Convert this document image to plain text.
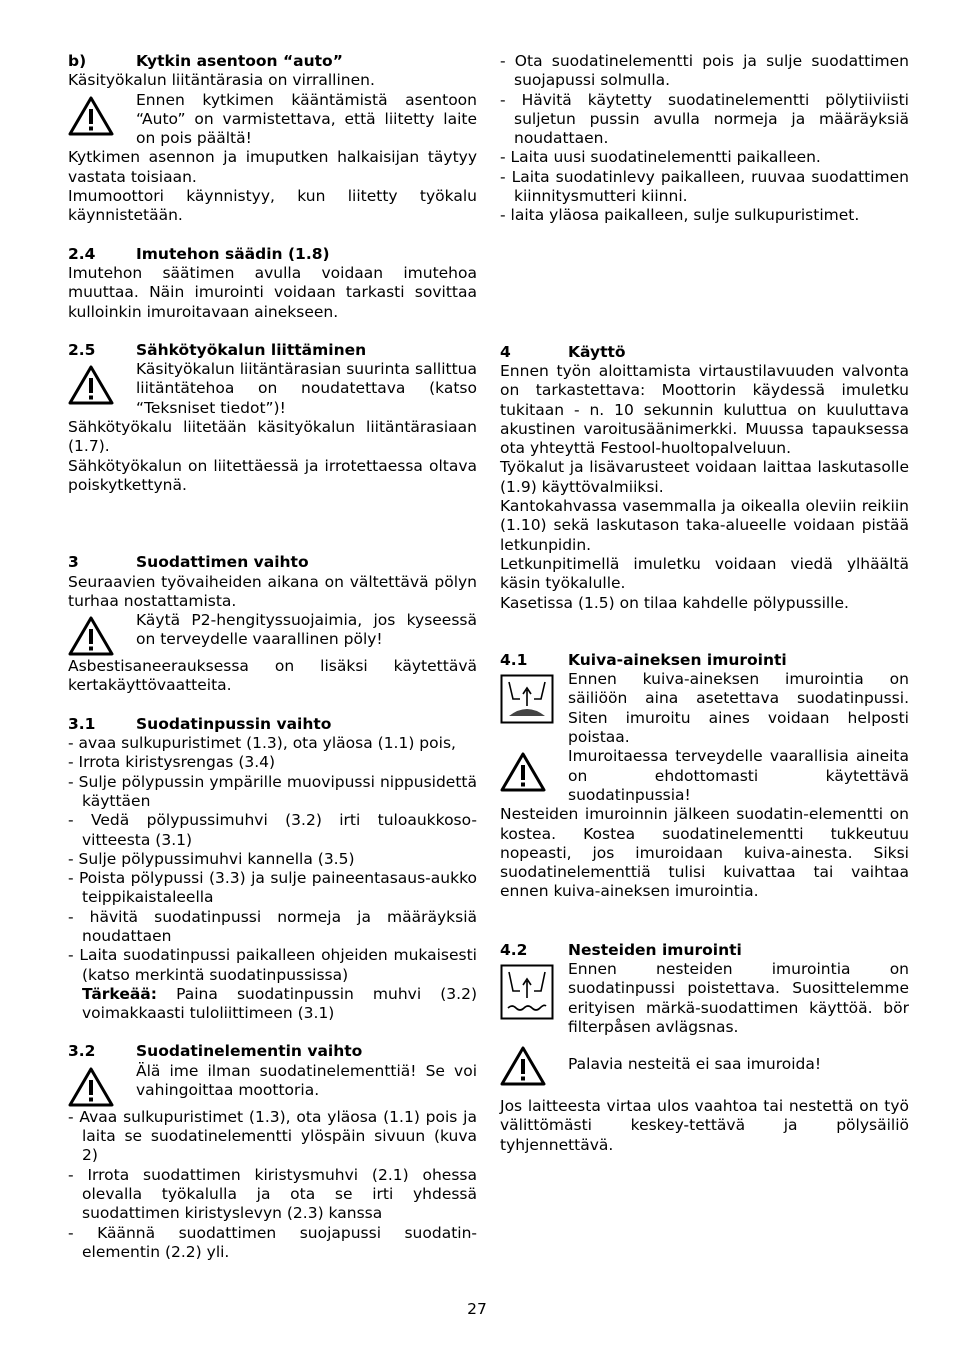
b)	Kytkin asentoon “auto”

Käsityökalun liitäntärasia on virrallinen.

Ennen kytkimen kääntämistä asentoon “Auto” on varmistettava, että liitetty laite on pois päältä!

Kytkimen asennon ja imuputken halkaisijan täytyy vastata toisiaan.

Imumoottori käynnistyy, kun liitetty työkalu käynnistetään.

2.4	Imutehon säädin (1.8)

Imutehon säätimen avulla voidaan imutehoa muuttaa. Näin imurointi voidaan tarkasti sovittaa kulloinkin imuroitavaan ainekseen.

2.5	Sähkötyökalun liittäminen
Käsityökalun liitäntärasian suurinta sallittua liitäntätehoa on noudatettava (katso “Teksniset tiedot”)!

Sähkötyökalu liitetään käsityökalun liitäntärasiaan (1.7).

Sähkötyökalun on liitettäessä ja irrotettaessa oltava poiskytkettynä.

3	Suodattimen vaihto

Seuraavien työvaiheiden aikana on vältettävä pölyn turhaa nostattamista.

Käytä P2-hengityssuojaimia, jos kyseessä on terveydelle vaarallinen pöly!

Asbestisaneerauksessa on lisäksi käytettävä kertakäyttövaatteita.

3.1	Suodatinpussin vaihto
- avaa sulkupuristimet (1.3), ota yläosa (1.1) pois,
- Irrota kiristysrengas (3.4)
- Sulje pölypussin ympärille muovipussi nippusidettä käyttäen
- Vedä pölypussimuhvi (3.2) irti tuloaukkoso-vitteesta (3.1)
- Sulje pölypussimuhvi kannella (3.5)
- Poista pölypussi (3.3) ja sulje paineentasaus-aukko teippikaistaleella
- hävitä suodatinpussi normeja ja määräyksiä noudattaen
- Laita suodatinpussi paikalleen ohjeiden mukaisesti (katso merkintä suodatinpussissa)

Tärkeää: Paina suodatinpussin muhvi (3.2) voimakkaasti tuloliittimeen (3.1)

3.2	Suodatinelementin vaihto
Älä ime ilman suodatinelementtiä! Se voi vahingoittaa moottoria.
- Avaa sulkupuristimet (1.3), ota yläosa (1.1) pois ja laita se suodatinelementti ylöspäin sivuun (kuva 2)
- Irrota suodattimen kiristysmuhvi (2.1) ohessa olevalla työkalulla ja ota se irti yhdessä suodattimen kiristyslevyn (2.3) kanssa
- Käännä suodattimen suojapussi suodatin-elementin (2.2) yli.
- Ota suodatinelementti pois ja sulje suodattimen suojapussi solmulla.
- Hävitä käytetty suodatinelementti pölytiiviisti suljetun pussin avulla normeja ja määräyksiä noudattaen.
- Laita uusi suodatinelementti paikalleen.
- Laita suodatinlevy paikalleen, ruuvaa suodattimen kiinnitysmutteri kiinni.
- laita yläosa paikalleen, sulje sulkupuristimet.
4	Käyttö

Ennen työn aloittamista virtaustilavuuden valvonta on tarkastettava: Moottorin käydessä imuletku tukitaan - n. 10 sekunnin kuluttua on kuuluttava akustinen varoitusäänimerkki. Muussa tapauksessa ota yhteyttä Festool-huoltopalveluun.

Työkalut ja lisävarusteet voidaan laittaa laskutasolle (1.9) käyttövalmiiksi.

Kantokahvassa vasemmalla ja oikealla oleviin reikiin (1.10) sekä laskutason taka-alueelle voidaan pistää letkunpidin.

Letkunpitimellä imuletku voidaan viedä ylhäältä käsin työkalulle.

Kasetissa (1.5) on tilaa kahdelle pölypussille.

4.1	Kuiva-aineksen imurointi
Ennen kuiva-aineksen imurointia on säiliöön aina asetettava suodatinpussi. Siten imuroitu aines voidaan helposti poistaa.
Imuroitaessa terveydelle vaarallisia aineita on ehdottomasti käytettävä suodatinpussia!

Nesteiden imuroinnin jälkeen suodatin-elementti on kostea. Kostea suodatinelementti tukkeutuu nopeasti, jos imuroidaan kuiva-ainesta. Siksi suodatinelementtiä tulisi kuivattaa tai vaihtaa ennen kuiva-aineksen imurointia.

4.2	Nesteiden imurointi
Ennen nesteiden imurointia on suodatinpussi poistettava. Suosittelemme erityisen märkä-suodattimen käyttöä. bör filterpåsen avlägsnas.
Palavia nesteitä ei saa imuroida!

Jos laitteesta virtaa ulos vaahtoa tai nestettä on työ välittömästi keskey-tettävä ja pölysäiliö tyhjennettävä.

27
